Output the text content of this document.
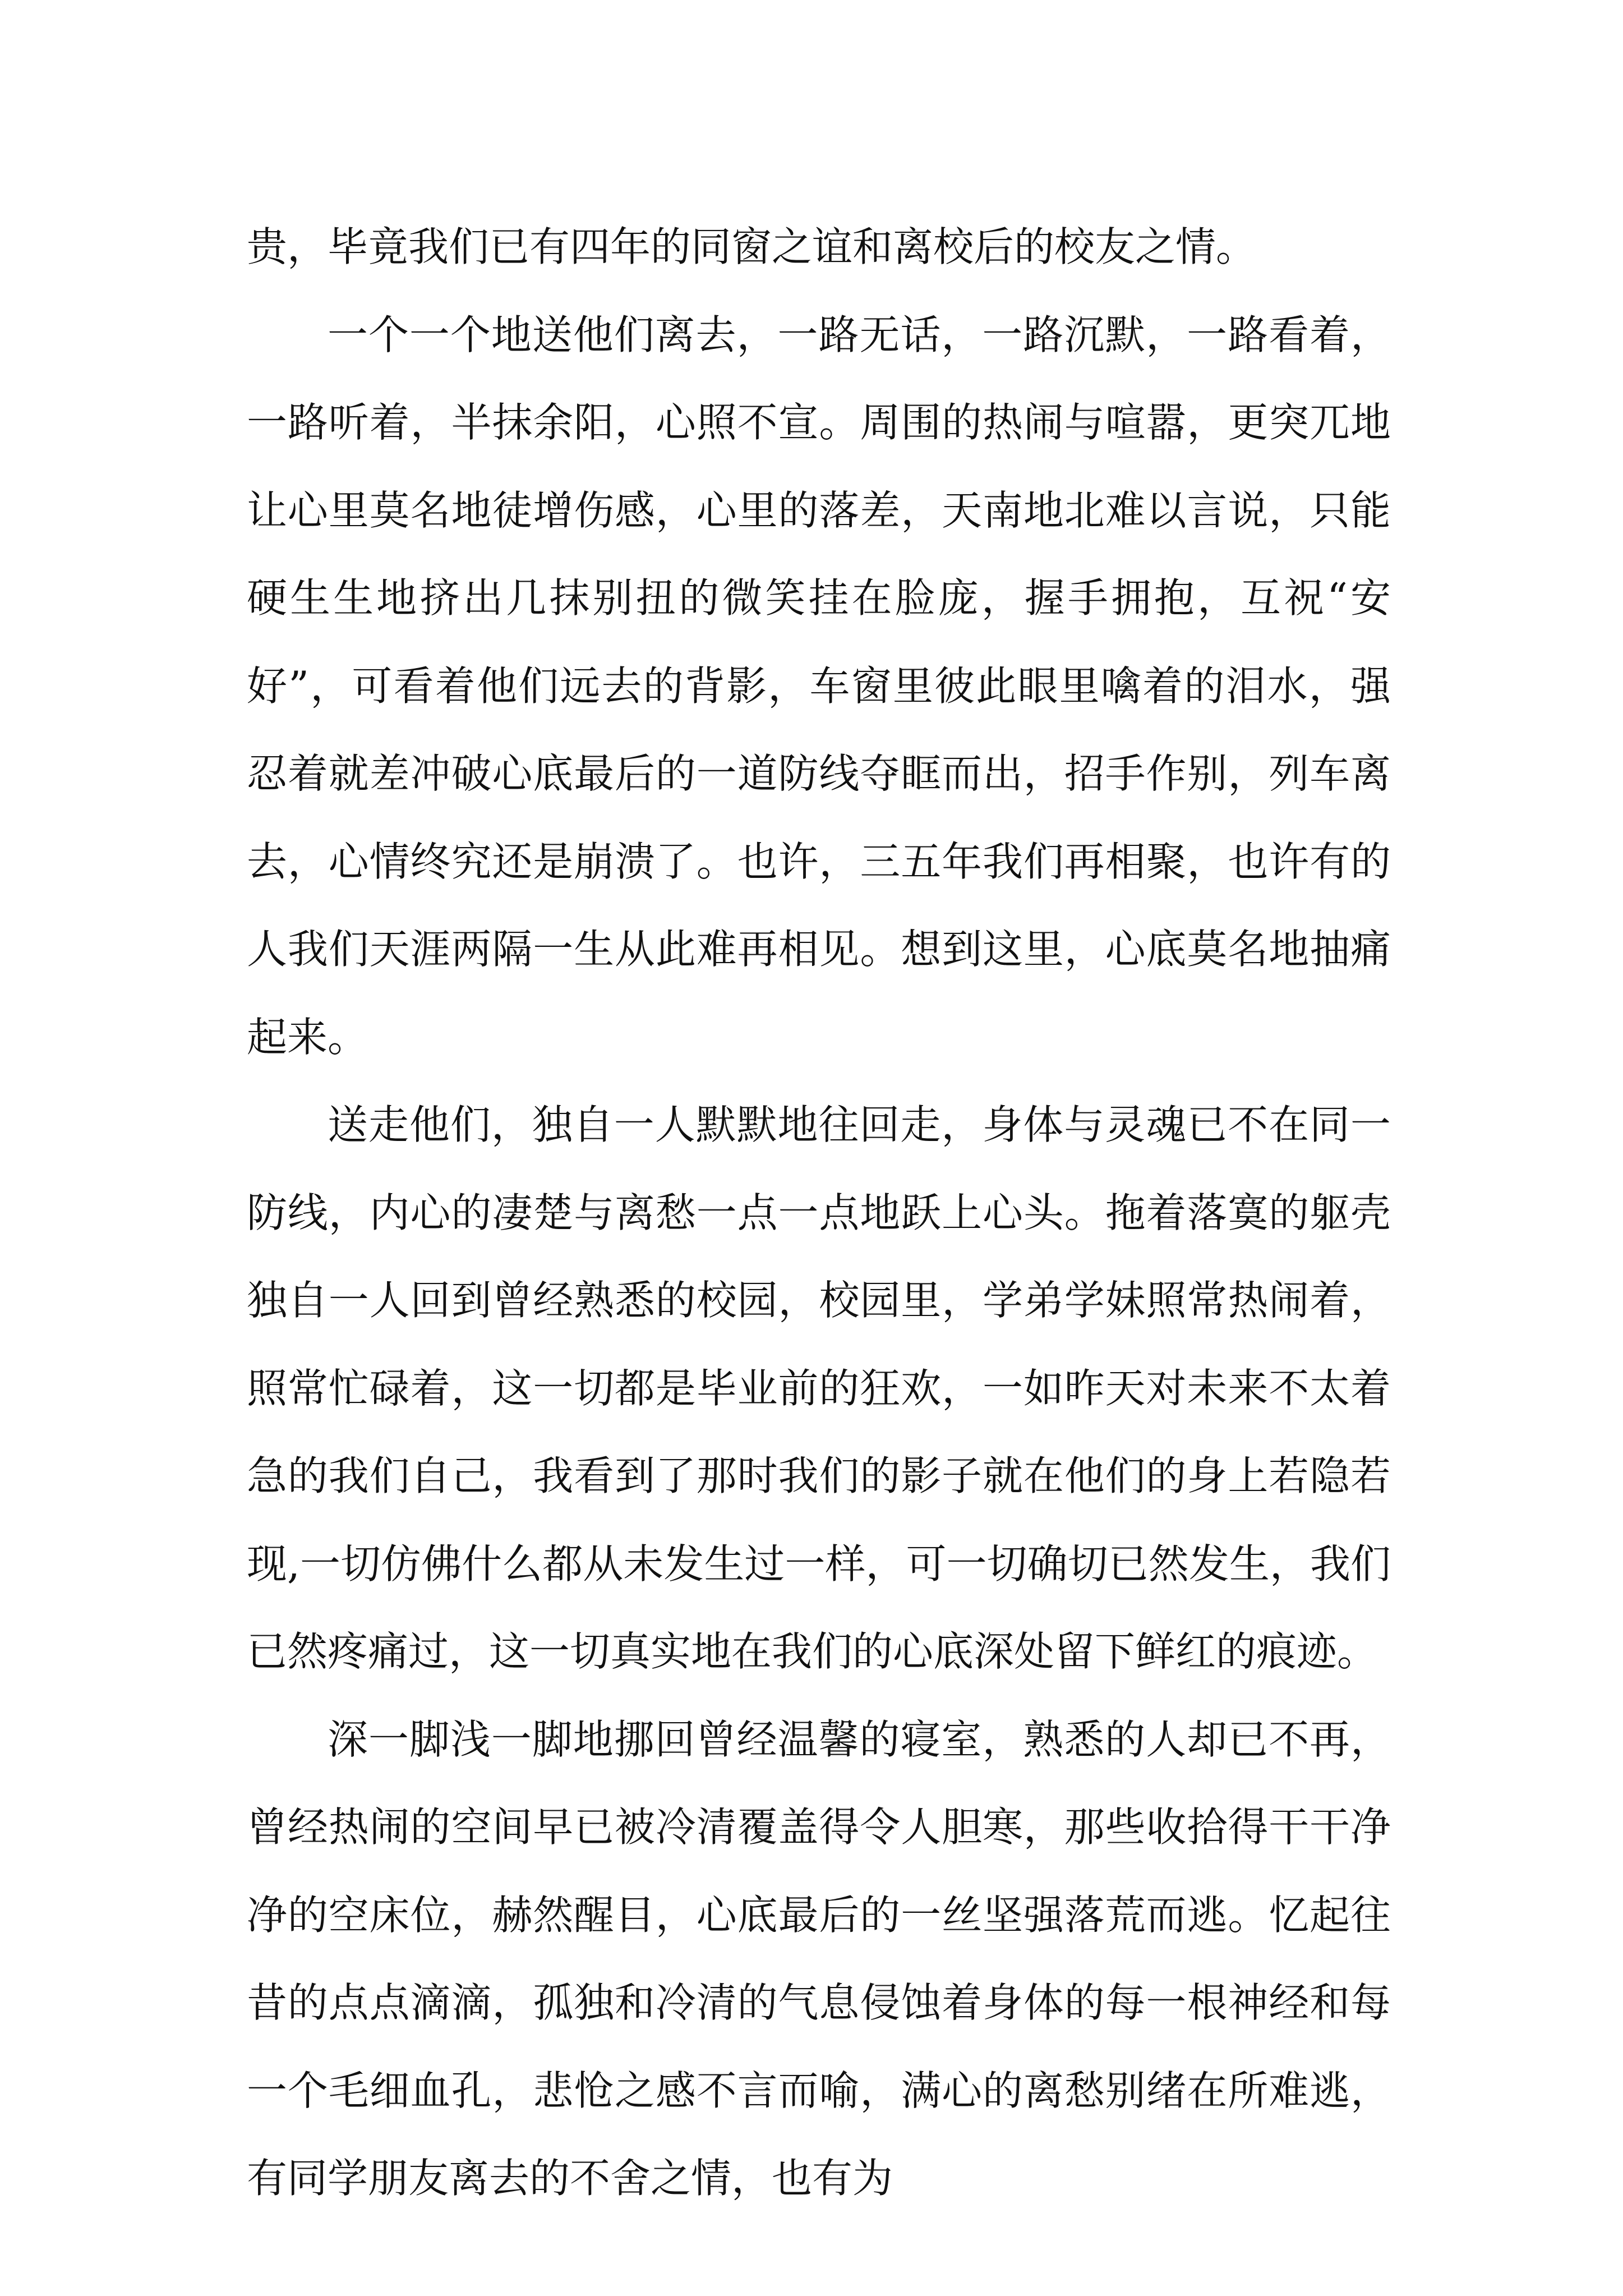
贵，毕竟我们已有四年的同窗之谊和离校后的校友之情。

一个一个地送他们离去，一路无话，一路沉默，一路看着，一路听着，半抹余阳，心照不宣。周围的热闹与喧嚣，更突兀地让心里莫名地徒增伤感，心里的落差，天南地北难以言说，只能硬生生地挤出几抹别扭的微笑挂在脸庞，握手拥抱，互祝“安好”，可看着他们远去的背影，车窗里彼此眼里噙着的泪水，强忍着就差冲破心底最后的一道防线夺眶而出，招手作别，列车离去，心情终究还是崩溃了。也许，三五年我们再相聚，也许有的人我们天涯两隔一生从此难再相见。想到这里，心底莫名地抽痛起来。

送走他们，独自一人默默地往回走，身体与灵魂已不在同一防线，内心的凄楚与离愁一点一点地跃上心头。拖着落寞的躯壳独自一人回到曾经熟悉的校园，校园里，学弟学妹照常热闹着，照常忙碌着，这一切都是毕业前的狂欢，一如昨天对未来不太着急的我们自己，我看到了那时我们的影子就在他们的身上若隐若现,一切仿佛什么都从未发生过一样，可一切确切已然发生，我们已然疼痛过，这一切真实地在我们的心底深处留下鲜红的痕迹。

深一脚浅一脚地挪回曾经温馨的寝室，熟悉的人却已不再，曾经热闹的空间早已被冷清覆盖得令人胆寒，那些收拾得干干净净的空床位，赫然醒目，心底最后的一丝坚强落荒而逃。忆起往昔的点点滴滴，孤独和冷清的气息侵蚀着身体的每一根神经和每一个毛细血孔，悲怆之感不言而喻，满心的离愁别绪在所难逃，有同学朋友离去的不舍之情，也有为
